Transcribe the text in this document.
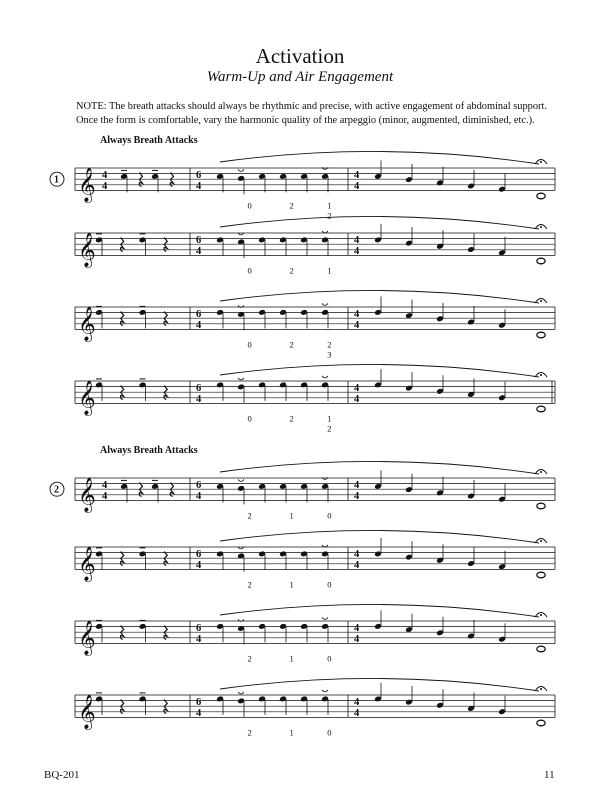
Activation
Warm-Up and Air Engagement
NOTE: The breath attacks should always be rhythmic and precise, with active engagement of abdominal support. Once the form is comfortable, vary the harmonic quality of the arpeggio (minor, augmented, diminished, etc.).
𝄞 4
4
6
4
4
4
0	2	1
2
Always Breath Attacks
1
𝄞	6
4
4
4
0	2	1
𝄞	6
4
4
4
0	2	2
3
𝄞	6
4
4
4
0	2	1
2
𝄞 4
4
6
4
4
4
2	1	0
Always Breath Attacks
2
𝄞	6
4
4
4
2	1	0
𝄞	6
4
4
4
2	1	0
𝄞	6
4
4
4
2	1	0
BQ-201	11
